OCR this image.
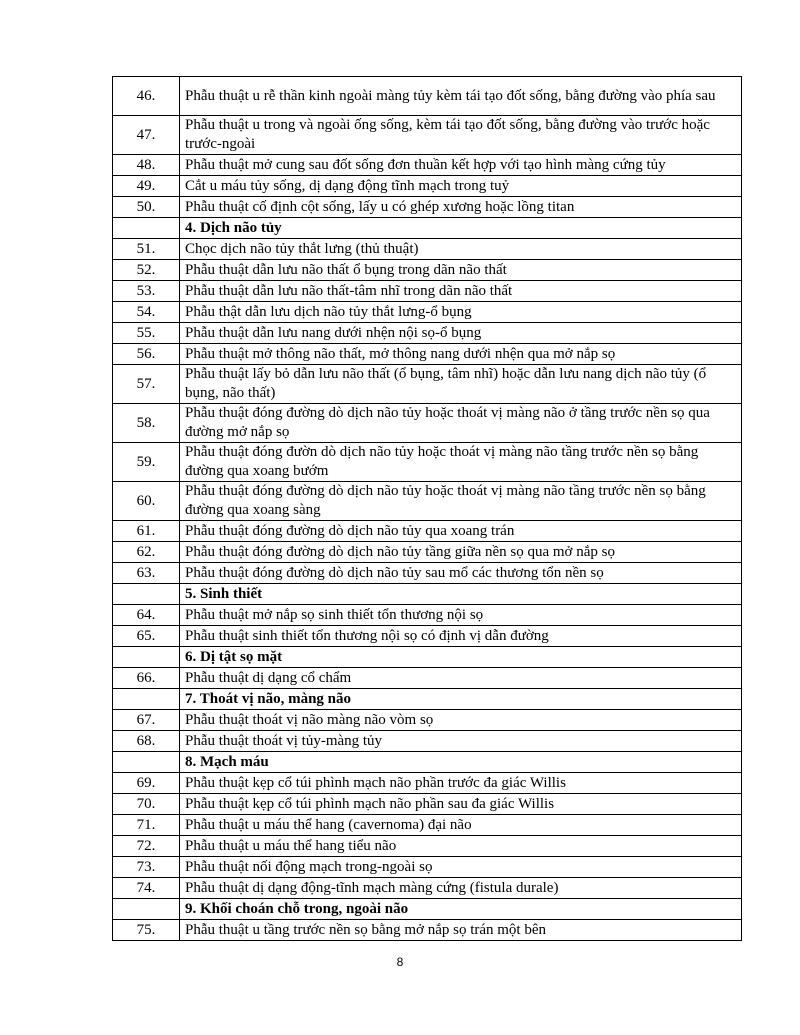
46.	Phẫu thuật u rễ thần kinh ngoài màng tủy kèm tái tạo đốt sống, bằng đường vào phía sau
47.	Phẫu thuật u trong và ngoài ống sống, kèm tái tạo đốt sống, bằng đường vào trước hoặc trước-ngoài
48.	Phẫu thuật mở cung sau đốt sống đơn thuần kết hợp với tạo hình màng cứng tủy
49.	Cắt u máu tủy sống, dị dạng động tĩnh mạch trong tuỷ
50.	Phẫu thuật cố định cột sống, lấy u có ghép xương hoặc lồng titan
	4. Dịch não tủy
51.	Chọc dịch não tủy thắt lưng (thủ thuật)
52.	Phẫu thuật dẫn lưu não thất ổ bụng trong dãn não thất
53.	Phẫu thuật dẫn lưu não thất-tâm nhĩ trong dãn não thất
54.	Phẫu thật dẫn lưu dịch não tủy thắt lưng-ổ bụng
55.	Phẫu thuật dẫn lưu nang dưới nhện nội sọ-ổ bụng
56.	Phẫu thuật mở thông não thất, mở thông nang dưới nhện qua mở nắp sọ
57.	Phẫu thuật lấy bỏ dẫn lưu não thất (ổ bụng, tâm nhĩ) hoặc dẫn lưu nang dịch não tủy (ổ bụng, não thất)
58.	Phẫu thuật đóng đường dò dịch não tủy hoặc thoát vị màng não ở tầng trước nền sọ qua đường mở nắp sọ
59.	Phẫu thuật đóng đườn dò dịch não tủy hoặc thoát vị màng não tầng trước nền sọ bằng đường qua xoang bướm
60.	Phẫu thuật đóng đường dò dịch não tủy hoặc thoát vị màng não tầng trước nền sọ bằng đường qua xoang sàng
61.	Phẫu thuật đóng đường dò dịch não tủy qua xoang trán
62.	Phẫu thuật đóng đường dò dịch não tủy tầng giữa nền sọ qua mở nắp sọ
63.	Phẫu thuật đóng đường dò dịch não tủy sau mổ các thương tổn nền sọ
	5. Sinh thiết
64.	Phẫu thuật mở nắp sọ sinh thiết tổn thương nội sọ
65.	Phẫu thuật sinh thiết tổn thương nội sọ có định vị dẫn đường
	6. Dị tật sọ mặt
66.	Phẫu thuật dị dạng cổ chẩm
	7. Thoát vị não, màng não
67.	Phẫu thuật thoát vị não màng não vòm sọ
68.	Phẫu thuật thoát vị tủy-màng tủy
	8. Mạch máu
69.	Phẫu thuật kẹp cổ túi phình mạch não phần trước đa giác Willis
70.	Phẫu thuật kẹp cổ túi phình mạch não phần sau đa giác Willis
71.	Phẫu thuật u máu thể hang (cavernoma) đại não
72.	Phẫu thuật u máu thể hang tiểu não
73.	Phẫu thuật nối động mạch trong-ngoài sọ
74.	Phẫu thuật dị dạng động-tĩnh mạch màng cứng (fistula durale)
	9. Khối choán chỗ trong, ngoài não
75.	Phẫu thuật u tầng trước nền sọ bằng mở nắp sọ trán một bên
8
